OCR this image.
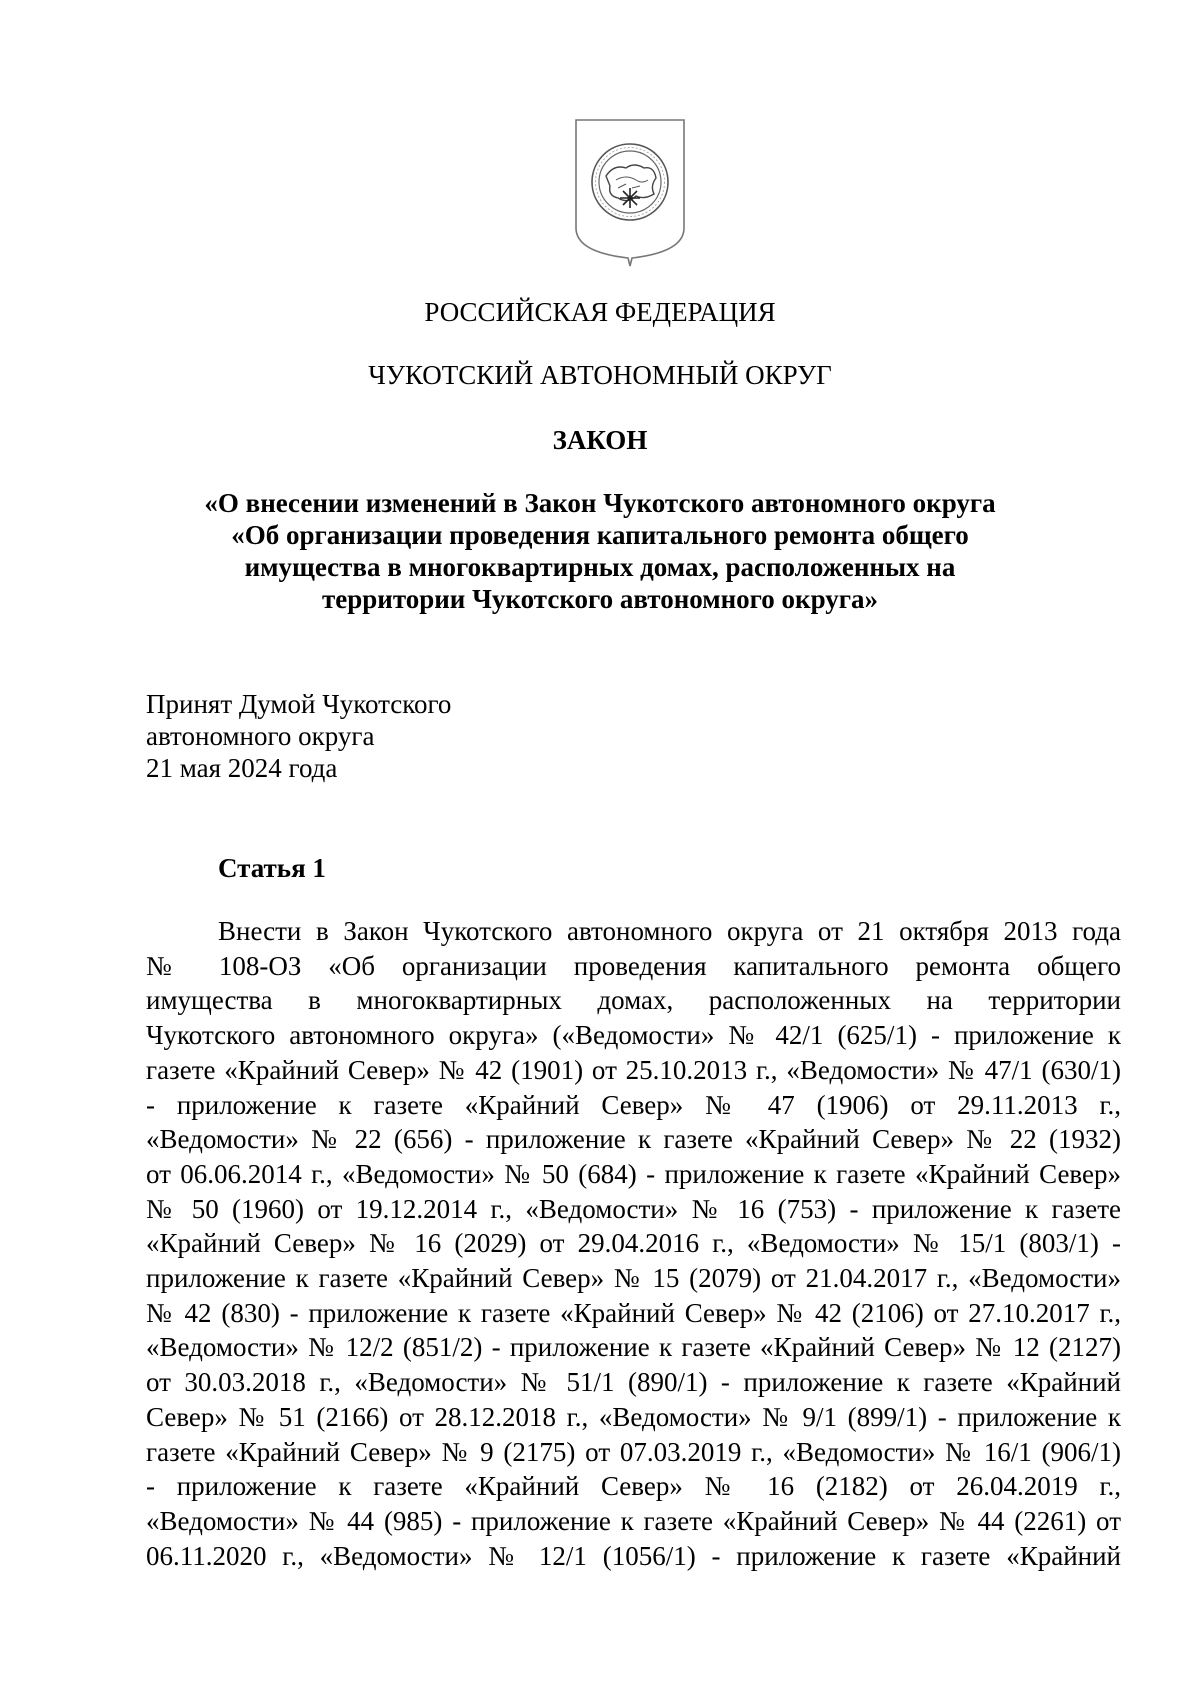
РОССИЙСКАЯ ФЕДЕРАЦИЯ
ЧУКОТСКИЙ АВТОНОМНЫЙ ОКРУГ
ЗАКОН
«О внесении изменений в Закон Чукотского автономного округа
«Об организации проведения капитального ремонта общего
имущества в многоквартирных домах, расположенных на
территории Чукотского автономного округа»
Принят Думой Чукотского
автономного округа
21 мая 2024 года
Статья 1
Внести в Закон Чукотского автономного округа от 21 октября 2013 года
№ 108-ОЗ «Об организации проведения капитального ремонта общего
имущества в многоквартирных домах, расположенных на территории
Чукотского автономного округа» («Ведомости» № 42/1 (625/1) - приложение к
газете «Крайний Север» № 42 (1901) от 25.10.2013 г., «Ведомости» № 47/1 (630/1)
- приложение к газете «Крайний Север» № 47 (1906) от 29.11.2013 г.,
«Ведомости» № 22 (656) - приложение к газете «Крайний Север» № 22 (1932)
от 06.06.2014 г., «Ведомости» № 50 (684) - приложение к газете «Крайний Север»
№ 50 (1960) от 19.12.2014 г., «Ведомости» № 16 (753) - приложение к газете
«Крайний Север» № 16 (2029) от 29.04.2016 г., «Ведомости» № 15/1 (803/1) -
приложение к газете «Крайний Север» № 15 (2079) от 21.04.2017 г., «Ведомости»
№ 42 (830) - приложение к газете «Крайний Север» № 42 (2106) от 27.10.2017 г.,
«Ведомости» № 12/2 (851/2) - приложение к газете «Крайний Север» № 12 (2127)
от 30.03.2018 г., «Ведомости» № 51/1 (890/1) - приложение к газете «Крайний
Север» № 51 (2166) от 28.12.2018 г., «Ведомости» № 9/1 (899/1) - приложение к
газете «Крайний Север» № 9 (2175) от 07.03.2019 г., «Ведомости» № 16/1 (906/1)
- приложение к газете «Крайний Север» № 16 (2182) от 26.04.2019 г.,
«Ведомости» № 44 (985) - приложение к газете «Крайний Север» № 44 (2261) от
06.11.2020 г., «Ведомости» № 12/1 (1056/1) - приложение к газете «Крайний
